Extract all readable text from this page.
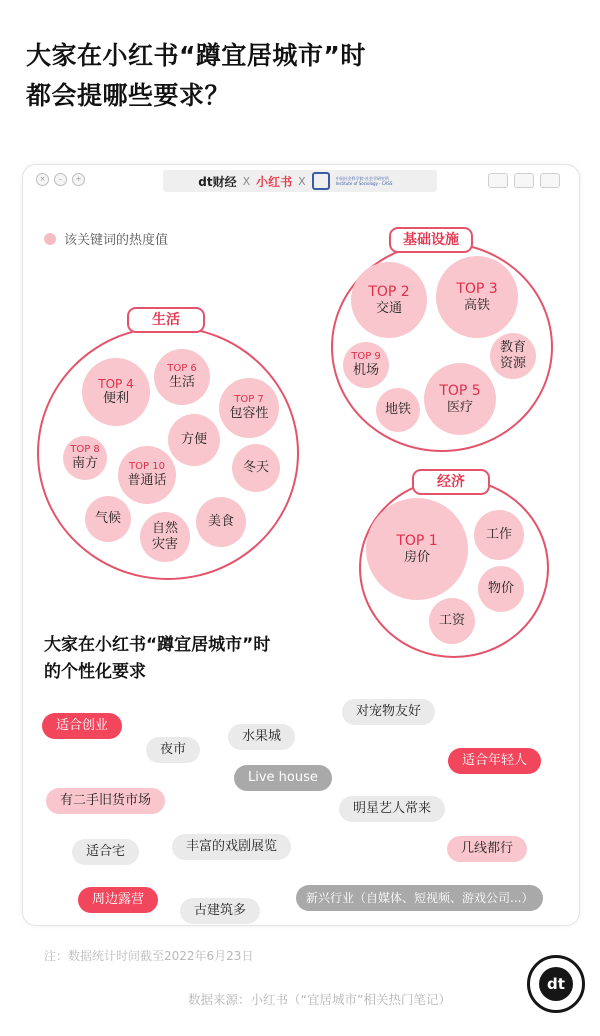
大家在小红书“蹲宜居城市”时
都会提哪些要求？
×	–	+	dt财经 X 小红书 X	中国社会科学院·社会学研究所
Institute of Sociology · CASS
该关键词的热度值
生活
TOP 4
便利
TOP 6
生活
TOP 7
包容性
方便
TOP 8
南方	TOP 10
普通话
冬天
气候
自然
灾害
美食
基础设施
TOP 2
交通
TOP 3
高铁
TOP 9
机场
教育
资源
地铁
TOP 5
医疗
经济
TOP 1
房价
工作
物价
工资
大家在小红书“蹲宜居城市”时
的个性化要求
适合创业
夜市
水果城
对宠物友好
Live house
适合年轻人
有二手旧货市场
明星艺人常来
适合宅	丰富的戏剧展览	几线都行
周边露营
古建筑多
新兴行业（自媒体、短视频、游戏公司...）
注：数据统计时间截至2022年6月23日
数据来源：小红书（“宜居城市”相关热门笔记）
dt
